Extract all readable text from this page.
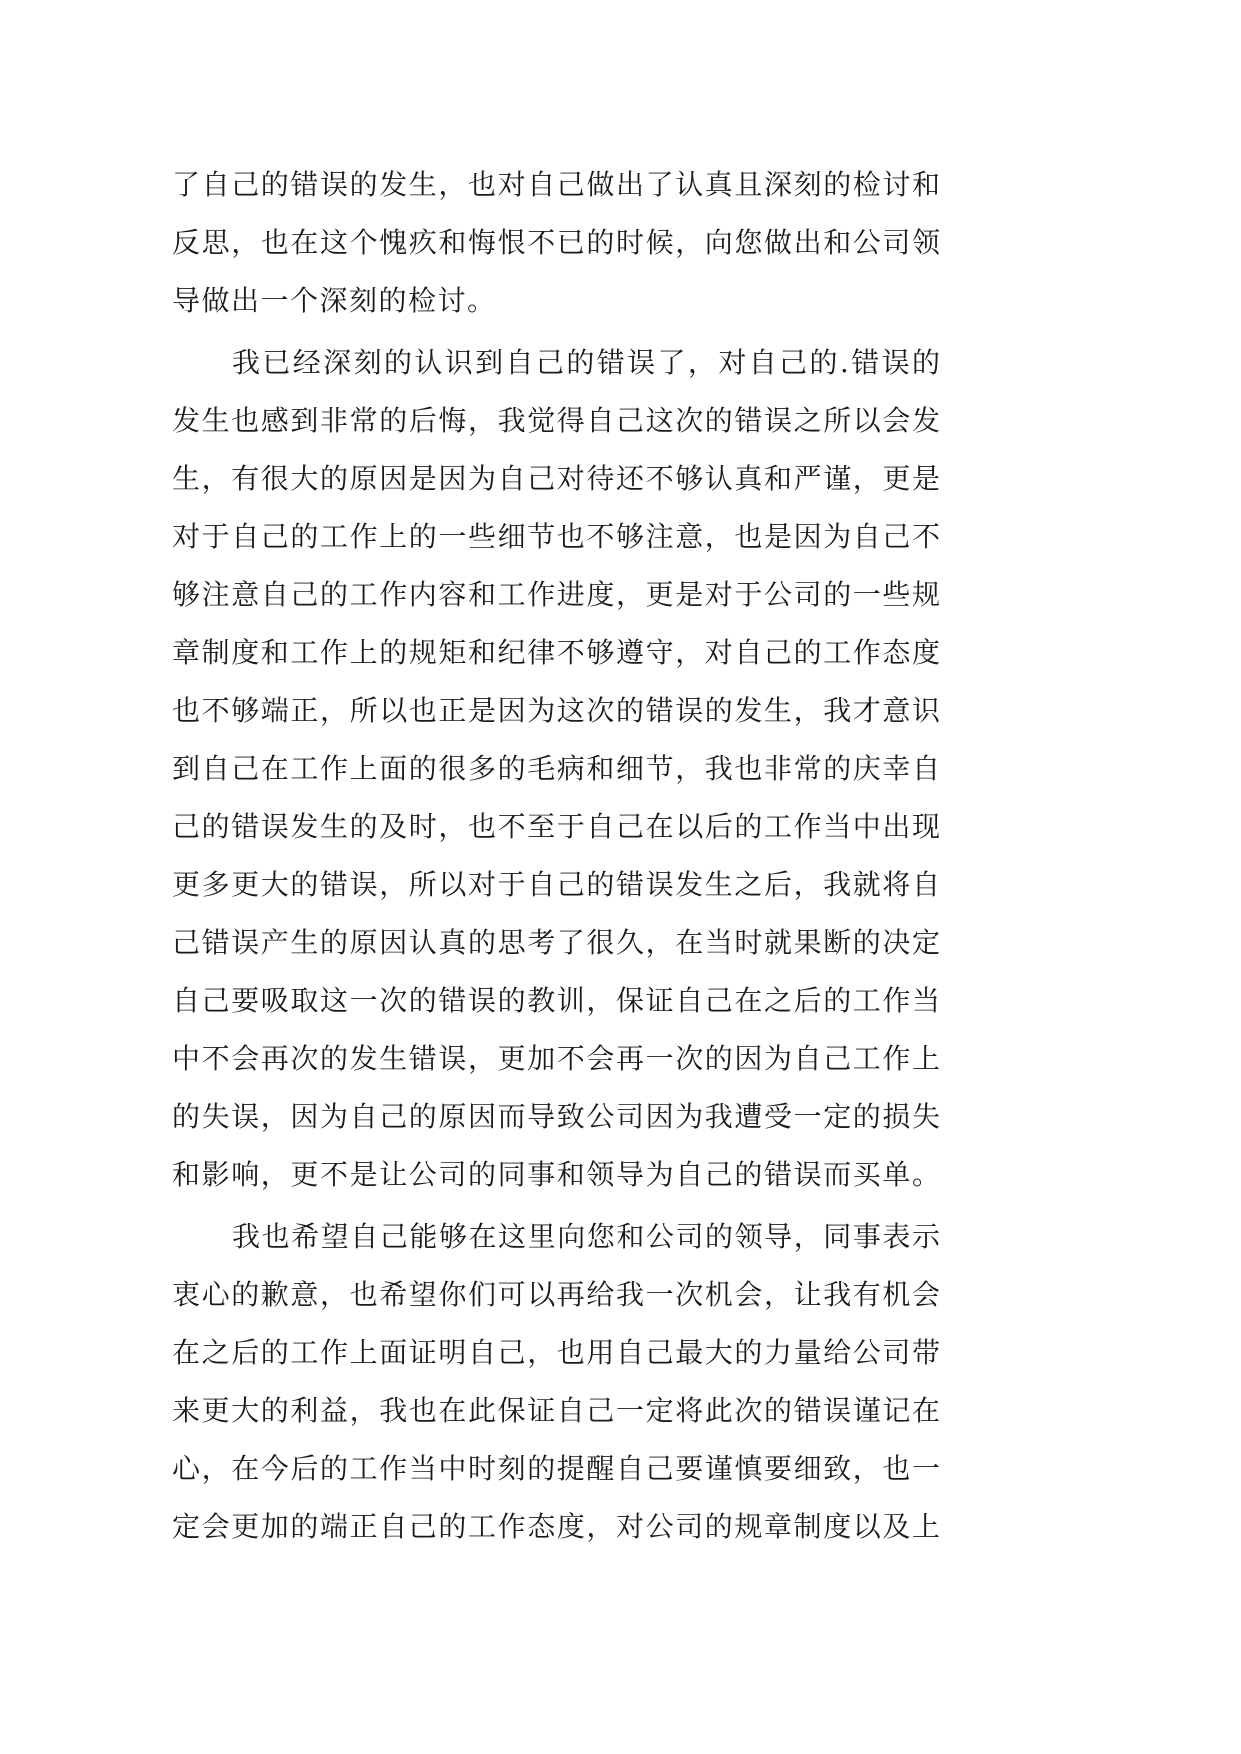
了自己的错误的发生，也对自己做出了认真且深刻的检讨和
反思，也在这个愧疚和悔恨不已的时候，向您做出和公司领
导做出一个深刻的检讨。
我已经深刻的认识到自己的错误了，对自己的.错误的
发生也感到非常的后悔，我觉得自己这次的错误之所以会发
生，有很大的原因是因为自己对待还不够认真和严谨，更是
对于自己的工作上的一些细节也不够注意，也是因为自己不
够注意自己的工作内容和工作进度，更是对于公司的一些规
章制度和工作上的规矩和纪律不够遵守，对自己的工作态度
也不够端正，所以也正是因为这次的错误的发生，我才意识
到自己在工作上面的很多的毛病和细节，我也非常的庆幸自
己的错误发生的及时，也不至于自己在以后的工作当中出现
更多更大的错误，所以对于自己的错误发生之后，我就将自
己错误产生的原因认真的思考了很久，在当时就果断的决定
自己要吸取这一次的错误的教训，保证自己在之后的工作当
中不会再次的发生错误，更加不会再一次的因为自己工作上
的失误，因为自己的原因而导致公司因为我遭受一定的损失
和影响，更不是让公司的同事和领导为自己的错误而买单。
我也希望自己能够在这里向您和公司的领导，同事表示
衷心的歉意，也希望你们可以再给我一次机会，让我有机会
在之后的工作上面证明自己，也用自己最大的力量给公司带
来更大的利益，我也在此保证自己一定将此次的错误谨记在
心，在今后的工作当中时刻的提醒自己要谨慎要细致，也一
定会更加的端正自己的工作态度，对公司的规章制度以及上
